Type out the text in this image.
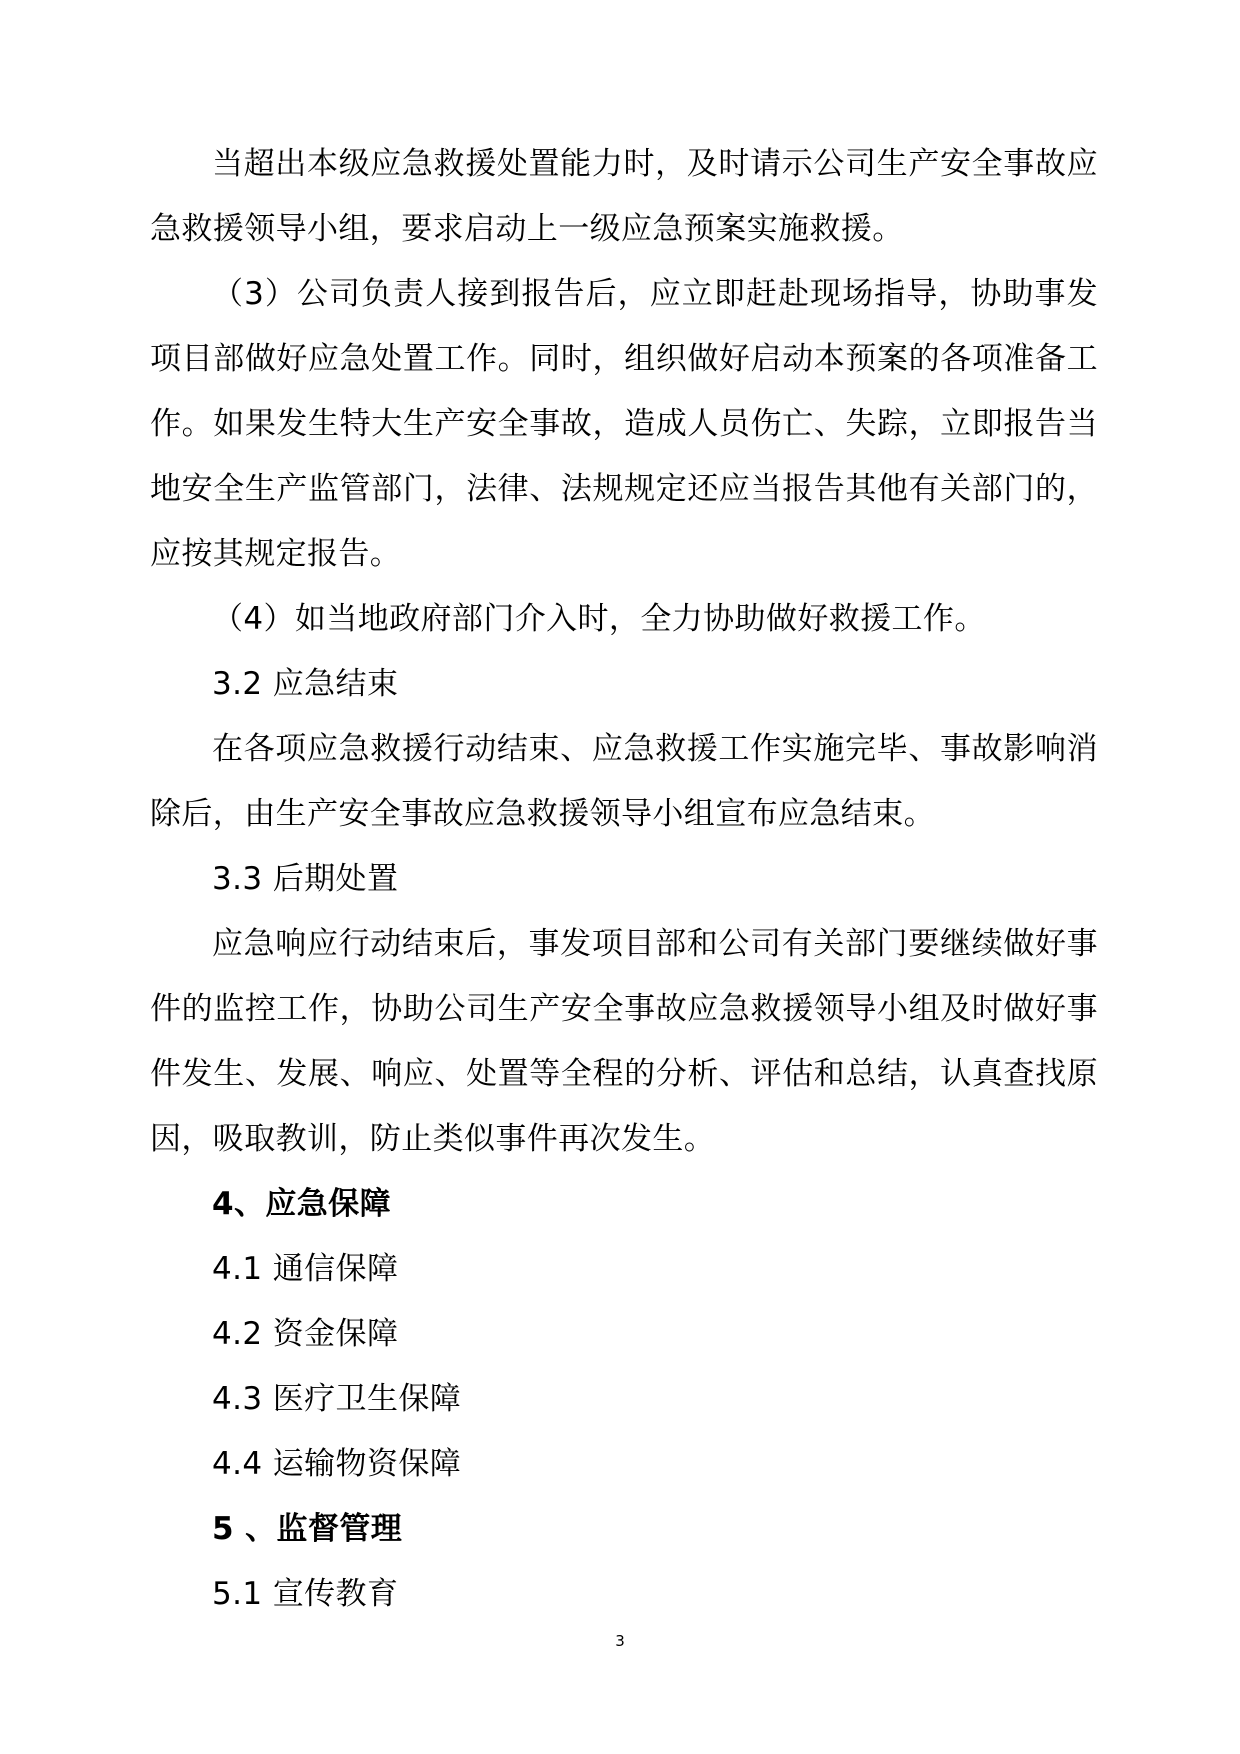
当超出本级应急救援处置能力时，及时请示公司生产安全事故应急救援领导小组，要求启动上一级应急预案实施救援。

（3）公司负责人接到报告后，应立即赶赴现场指导，协助事发项目部做好应急处置工作。同时，组织做好启动本预案的各项准备工作。如果发生特大生产安全事故，造成人员伤亡、失踪，立即报告当地安全生产监管部门，法律、法规规定还应当报告其他有关部门的，应按其规定报告。

（4）如当地政府部门介入时，全力协助做好救援工作。

3.2 应急结束

在各项应急救援行动结束、应急救援工作实施完毕、事故影响消除后，由生产安全事故应急救援领导小组宣布应急结束。

3.3 后期处置

应急响应行动结束后，事发项目部和公司有关部门要继续做好事件的监控工作，协助公司生产安全事故应急救援领导小组及时做好事件发生、发展、响应、处置等全程的分析、评估和总结，认真查找原因，吸取教训，防止类似事件再次发生。

4、应急保障

4.1 通信保障

4.2 资金保障

4.3 医疗卫生保障

4.4 运输物资保障

5 、监督管理

5.1 宣传教育

3
